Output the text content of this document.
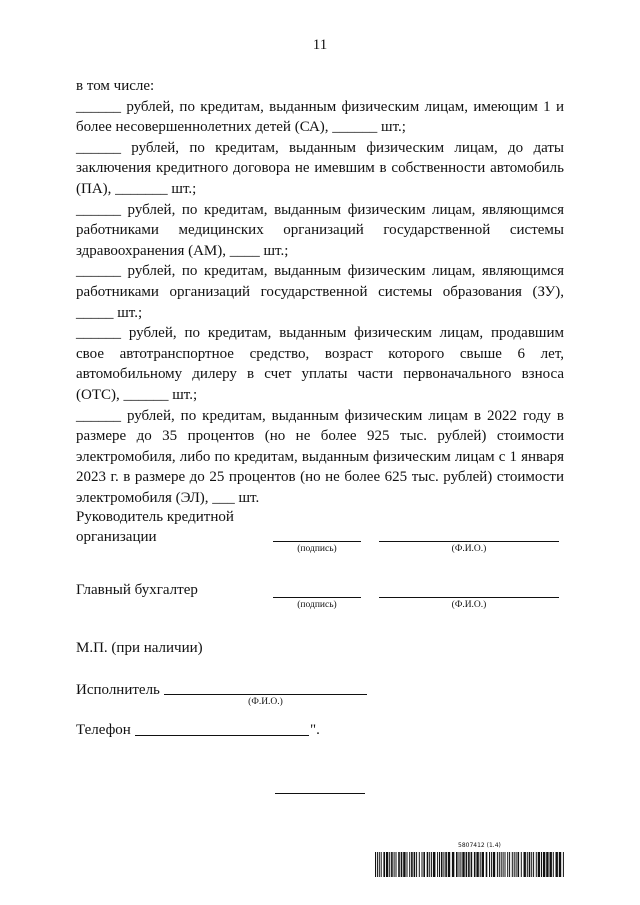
11

в том числе:

______ рублей, по кредитам, выданным физическим лицам, имеющим 1 и более несовершеннолетних детей (СА), ______ шт.;

______ рублей, по кредитам, выданным физическим лицам, до даты заключения кредитного договора не имевшим в собственности автомобиль (ПА), _______ шт.;

______ рублей, по кредитам, выданным физическим лицам, являющимся работниками медицинских организаций государственной системы здравоохранения (АМ), ____ шт.;

______ рублей, по кредитам, выданным физическим лицам, являющимся работниками организаций государственной системы образования (ЗУ), _____ шт.;

______ рублей, по кредитам, выданным физическим лицам, продавшим свое автотранспортное средство, возраст которого свыше 6 лет, автомобильному дилеру в счет уплаты части первоначального взноса (ОТС), ______ шт.;

______ рублей, по кредитам, выданным физическим лицам в 2022 году в размере до 35 процентов (но не более 925 тыс. рублей) стоимости электромобиля, либо по кредитам, выданным физическим лицам с 1 января 2023 г. в размере до 25 процентов (но не более 625 тыс. рублей) стоимости электромобиля (ЭЛ), ___ шт.

Руководитель кредитной организации
(подпись)	(Ф.И.О.)
Главный бухгалтер
(подпись)	(Ф.И.О.)
М.П. (при наличии)
Исполнитель
(Ф.И.О.)
Телефон	".
5807412 (1.4)
